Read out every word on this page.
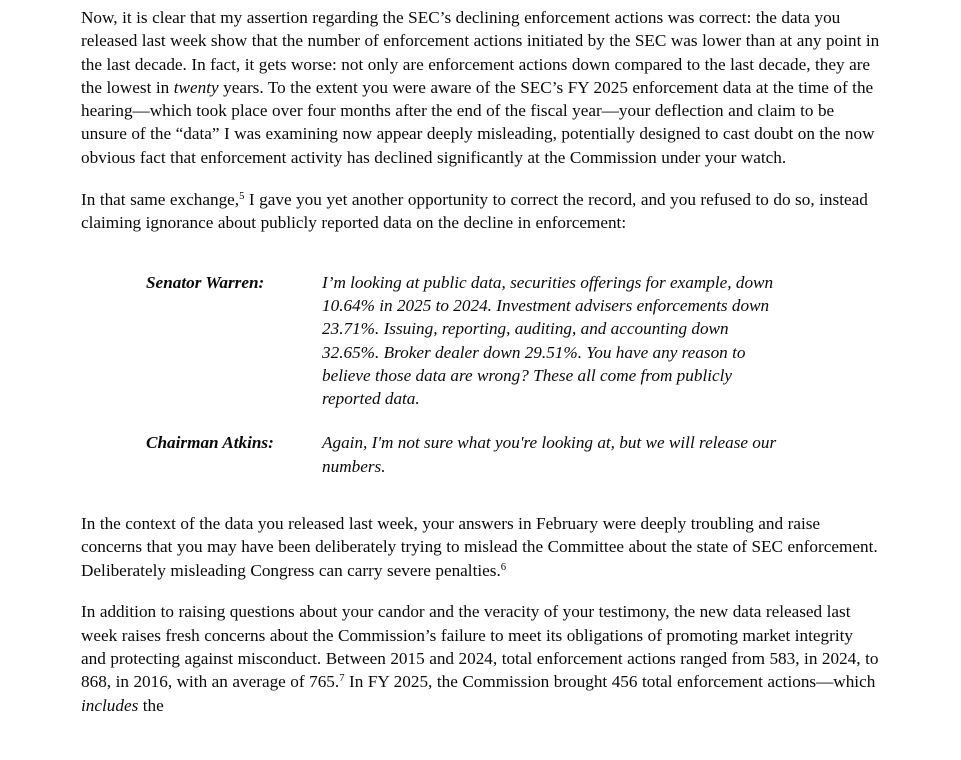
Now, it is clear that my assertion regarding the SEC’s declining enforcement actions was correct: the data you released last week show that the number of enforcement actions initiated by the SEC was lower than at any point in the last decade. In fact, it gets worse: not only are enforcement actions down compared to the last decade, they are the lowest in twenty years. To the extent you were aware of the SEC’s FY 2025 enforcement data at the time of the hearing—which took place over four months after the end of the fiscal year—your deflection and claim to be unsure of the “data” I was examining now appear deeply misleading, potentially designed to cast doubt on the now obvious fact that enforcement activity has declined significantly at the Commission under your watch.

In that same exchange,$^5$ I gave you yet another opportunity to correct the record, and you refused to do so, instead claiming ignorance about publicly reported data on the decline in enforcement:

Senator Warren:	I’m looking at public data, securities offerings for example, down
10.64% in 2025 to 2024. Investment advisers enforcements down
23.71%. Issuing, reporting, auditing, and accounting down
32.65%. Broker dealer down 29.51%. You have any reason to
believe those data are wrong? These all come from publicly
reported data.
Chairman Atkins:	Again, I'm not sure what you're looking at, but we will release our
numbers.

In the context of the data you released last week, your answers in February were deeply troubling and raise concerns that you may have been deliberately trying to mislead the Committee about the state of SEC enforcement. Deliberately misleading Congress can carry severe penalties.$^6$

In addition to raising questions about your candor and the veracity of your testimony, the new data released last week raises fresh concerns about the Commission’s failure to meet its obligations of promoting market integrity and protecting against misconduct. Between 2015 and 2024, total enforcement actions ranged from 583, in 2024, to 868, in 2016, with an average of 765.$^7$ In FY 2025, the Commission brought 456 total enforcement actions—which includes the
